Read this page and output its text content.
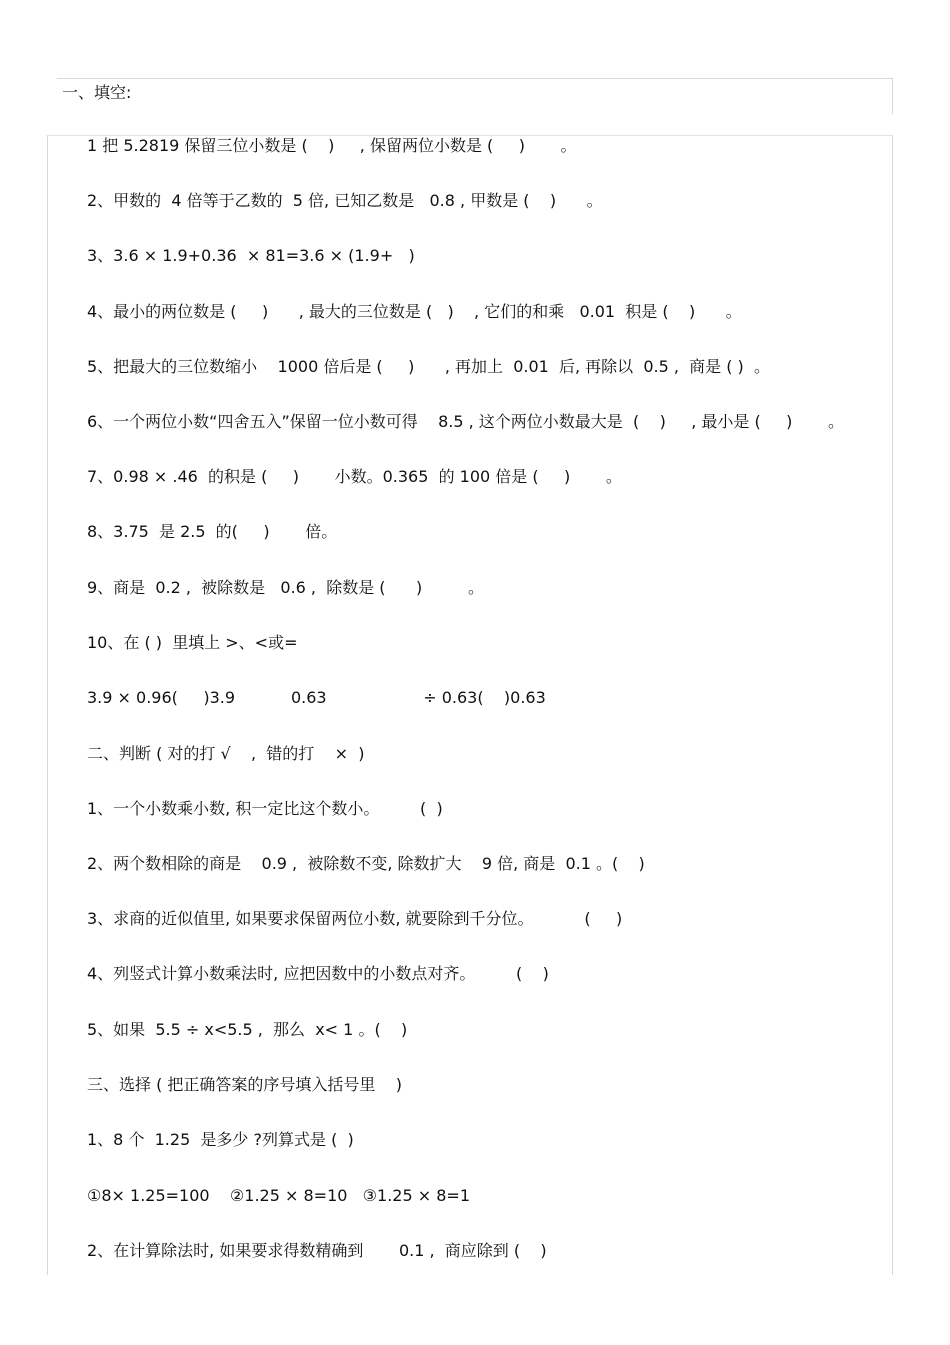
一、填空:
1 把 5.2819 保留三位小数是 (    )     , 保留两位小数是 (     )       。
2、甲数的  4 倍等于乙数的  5 倍, 已知乙数是   0.8 , 甲数是 (    )      。
3、3.6 × 1.9+0.36  × 81=3.6 × (1.9+   )
4、最小的两位数是 (     )      , 最大的三位数是 (   )    , 它们的和乘   0.01  积是 (    )      。
5、把最大的三位数缩小    1000 倍后是 (     )      , 再加上  0.01  后, 再除以  0.5 ,  商是 ( )  。
6、一个两位小数“四舍五入”保留一位小数可得    8.5 , 这个两位小数最大是  (    )     , 最小是 (     )       。
7、0.98 × .46  的积是 (     )       小数。0.365  的 100 倍是 (     )       。
8、3.75  是 2.5  的(     )       倍。
9、商是  0.2 ,  被除数是   0.6 ,  除数是 (      )         。
10、在 ( )  里填上 >、<或=
3.9 × 0.96(     )3.9           0.63                   ÷ 0.63(    )0.63
二、判断 ( 对的打 √    ,  错的打    ×  )
1、一个小数乘小数, 积一定比这个数小。        (  )
2、两个数相除的商是    0.9 ,  被除数不变, 除数扩大    9 倍, 商是  0.1 。(    )
3、求商的近似值里, 如果要求保留两位小数, 就要除到千分位。          (     )
4、列竖式计算小数乘法时, 应把因数中的小数点对齐。        (    )
5、如果  5.5 ÷ x<5.5 ,  那么  x< 1 。(    )
三、选择 ( 把正确答案的序号填入括号里    )
1、8 个  1.25  是多少 ?列算式是 (  )
①8× 1.25=100    ②1.25 × 8=10   ③1.25 × 8=1
2、在计算除法时, 如果要求得数精确到       0.1 ,  商应除到 (    )
